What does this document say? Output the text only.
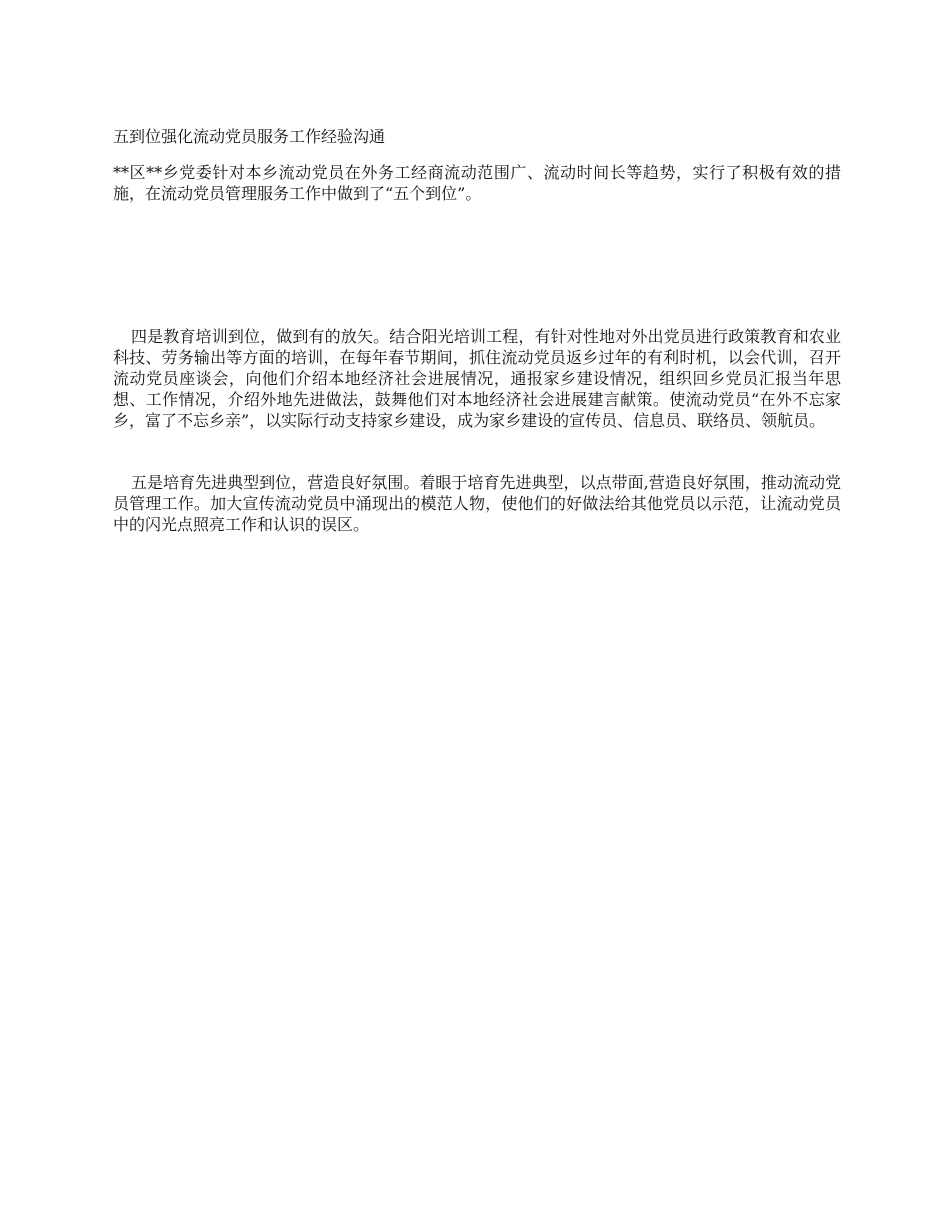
五到位强化流动党员服务工作经验沟通

**区**乡党委针对本乡流动党员在外务工经商流动范围广、流动时间长等趋势，实行了积极有效的措施，在流动党员管理服务工作中做到了“五个到位”。

四是教育培训到位，做到有的放矢。结合阳光培训工程，有针对性地对外出党员进行政策教育和农业科技、劳务输出等方面的培训，在每年春节期间，抓住流动党员返乡过年的有利时机，以会代训，召开流动党员座谈会，向他们介绍本地经济社会进展情况，通报家乡建设情况，组织回乡党员汇报当年思想、工作情况，介绍外地先进做法，鼓舞他们对本地经济社会进展建言献策。使流动党员“在外不忘家乡，富了不忘乡亲”，以实际行动支持家乡建设，成为家乡建设的宣传员、信息员、联络员、领航员。

五是培育先进典型到位，营造良好氛围。着眼于培育先进典型，以点带面,营造良好氛围，推动流动党员管理工作。加大宣传流动党员中涌现出的模范人物，使他们的好做法给其他党员以示范，让流动党员中的闪光点照亮工作和认识的误区。
